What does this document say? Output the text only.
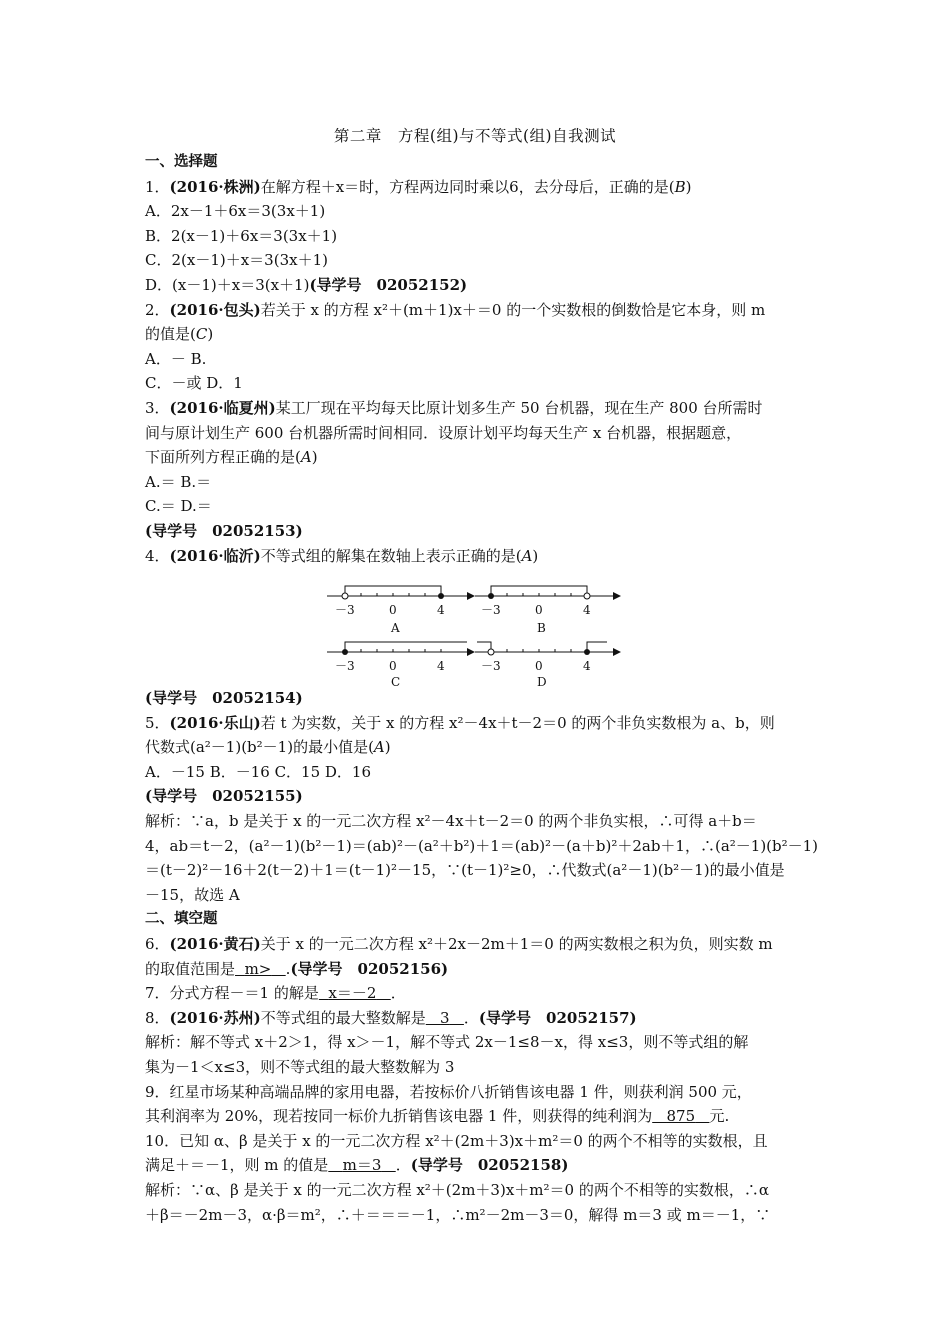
第二章　方程(组)与不等式(组)自我测试
一、选择题
1．(2016·株洲)在解方程＋x＝时，方程两边同时乘以6，去分母后，正确的是(B)
A．2x－1＋6x＝3(3x＋1)
B．2(x－1)＋6x＝3(3x＋1)
C．2(x－1)＋x＝3(3x＋1)
D．(x－1)＋x＝3(x＋1)(导学号　02052152)
2．(2016·包头)若关于 x 的方程 x²＋(m＋1)x＋＝0 的一个实数根的倒数恰是它本身，则 m
的值是(C)
A．－ B.
C．－或 D．1
3．(2016·临夏州)某工厂现在平均每天比原计划多生产 50 台机器，现在生产 800 台所需时
间与原计划生产 600 台机器所需时间相同．设原计划平均每天生产 x 台机器，根据题意，
下面所列方程正确的是(A)
A.＝ B.＝
C.＝ D.＝
(导学号　02052153)
4．(2016·临沂)不等式组的解集在数轴上表示正确的是(A)
－3	0	4
A
－3	0	4
B
－3	0	4
C
－3	0	4
D
(导学号　02052154)
5．(2016·乐山)若 t 为实数，关于 x 的方程 x²－4x＋t－2＝0 的两个非负实数根为 a、b，则
代数式(a²－1)(b²－1)的最小值是(A)
A．－15 B．－16 C．15 D．16
(导学号　02052155)
解析：∵a，b 是关于 x 的一元二次方程 x²－4x＋t－2＝0 的两个非负实根，∴可得 a＋b＝
4，ab＝t－2，(a²－1)(b²－1)＝(ab)²－(a²＋b²)＋1＝(ab)²－(a＋b)²＋2ab＋1，∴(a²－1)(b²－1)
＝(t－2)²－16＋2(t－2)＋1＝(t－1)²－15，∵(t－1)²≥0，∴代数式(a²－1)(b²－1)的最小值是
－15，故选 A
二、填空题
6．(2016·黄石)关于 x 的一元二次方程 x²＋2x－2m＋1＝0 的两实数根之积为负，则实数 m
的取值范围是 m> .(导学号　02052156)
7．分式方程－＝1 的解是 x＝－2 ．
8．(2016·苏州)不等式组的最大整数解是 3 ．(导学号　02052157)
解析：解不等式 x＋2＞1，得 x＞－1，解不等式 2x－1≤8－x，得 x≤3，则不等式组的解
集为－1＜x≤3，则不等式组的最大整数解为 3
9．红星市场某种高端品牌的家用电器，若按标价八折销售该电器 1 件，则获利润 500 元，
其利润率为 20%，现若按同一标价九折销售该电器 1 件，则获得的纯利润为 875 元.
10．已知 α、β 是关于 x 的一元二次方程 x²＋(2m＋3)x＋m²＝0 的两个不相等的实数根，且
满足＋＝－1，则 m 的值是 m＝3 ．(导学号　02052158)
解析：∵α、β 是关于 x 的一元二次方程 x²＋(2m＋3)x＋m²＝0 的两个不相等的实数根，∴α
＋β＝－2m－3，α·β＝m²，∴＋＝＝＝－1，∴m²－2m－3＝0，解得 m＝3 或 m＝－1，∵
